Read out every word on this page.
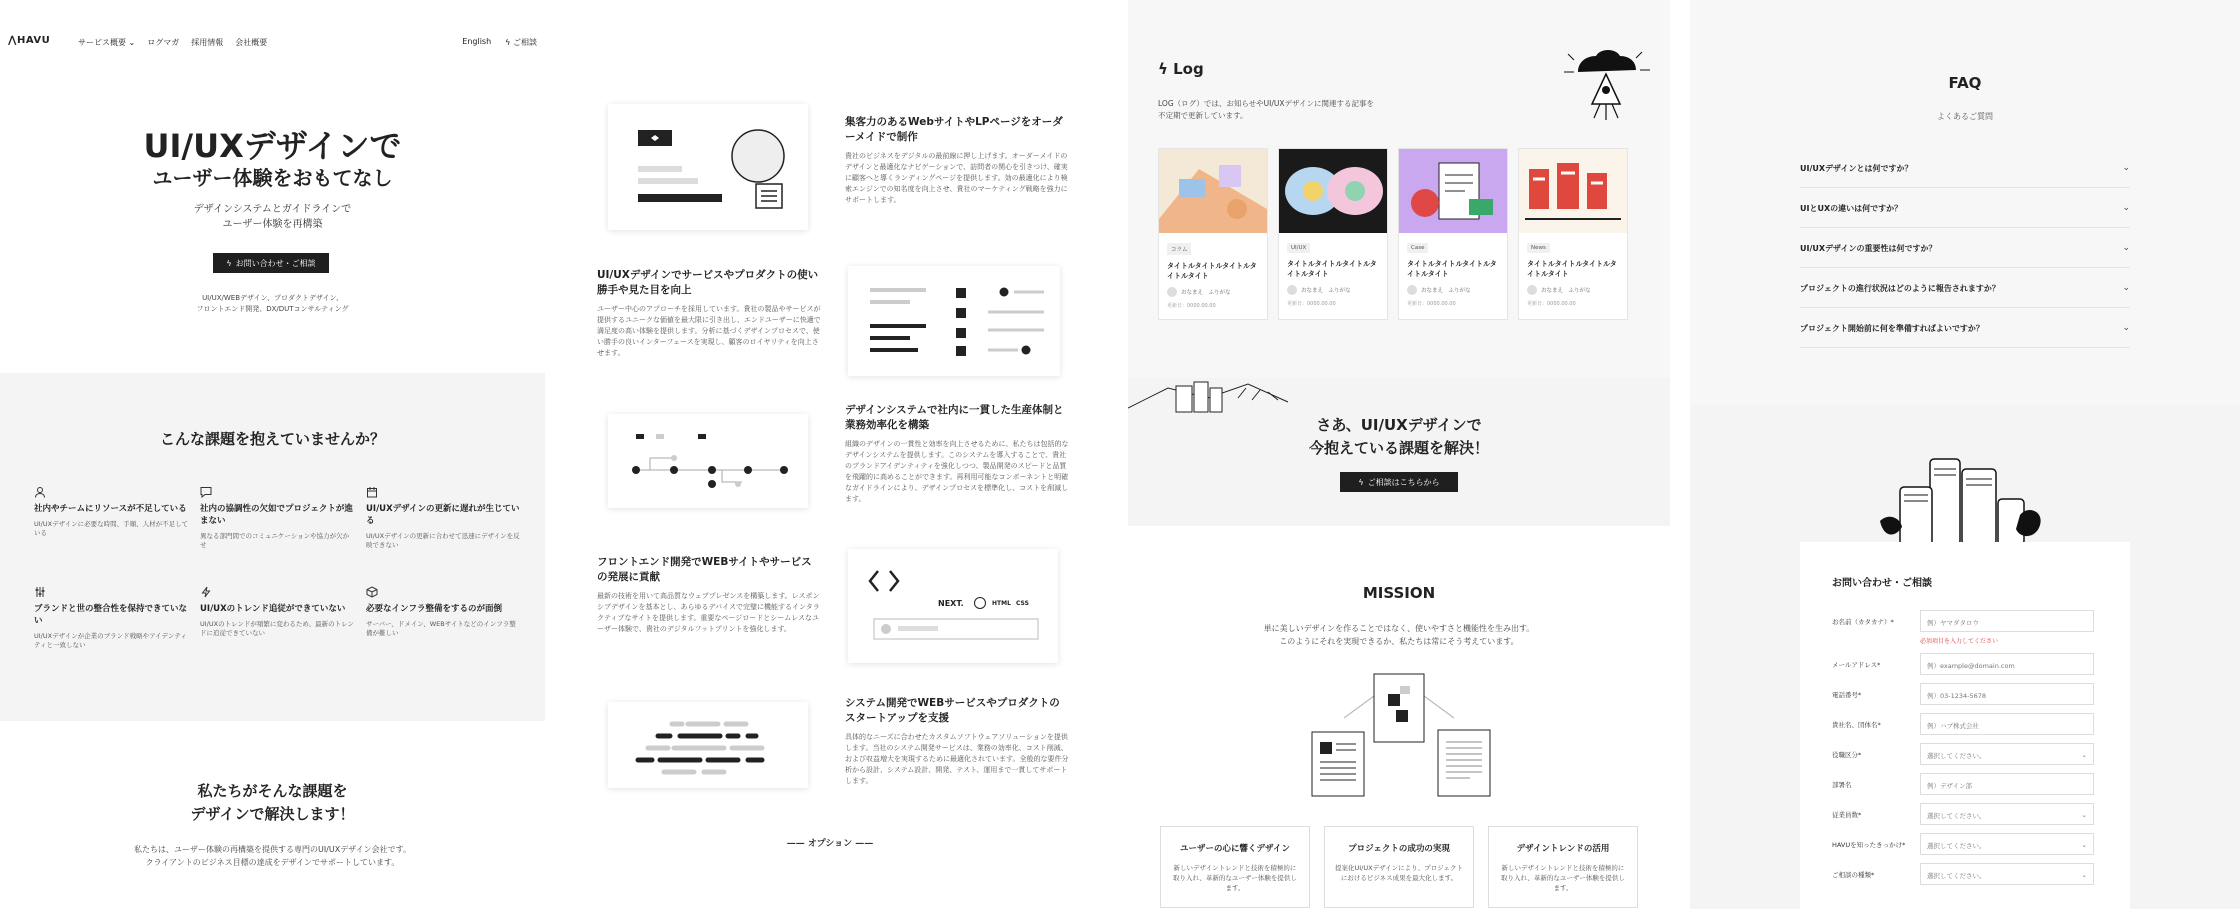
⋀HAVU	サービス概要 ⌄ ログマガ 採用情報 会社概要	English ϟ ご相談
UI/UXデザインで
ユーザー体験をおもてなし
デザインシステムとガイドラインで
ユーザー体験を再構築
ϟ お問い合わせ・ご相談
UI/UX/WEBデザイン、プロダクトデザイン、
フロントエンド開発、DX/DUTコンサルティング
こんな課題を抱えていませんか？
社内やチームにリソースが不足している
UI/UXデザインに必要な時間、手順、人材が不足している
社内の協調性の欠如でプロジェクトが進まない
異なる部門間でのコミュニケーションや協力が欠かせ
UI/UXデザインの更新に遅れが生じている
UI/UXデザインの更新に合わせて迅速にデザインを反映できない
ブランドと世の整合性を保持できていない
UI/UXデザインが企業のブランド戦略やアイデンティティと一致しない
UI/UXのトレンド追従ができていない
UI/UXのトレンドが頻繁に変わるため、最新のトレンドに追従できていない
必要なインフラ整備をするのが面倒
サーバー、ドメイン、WEBサイトなどのインフラ整備が難しい
私たちがそんな課題を
デザインで解決します！
私たちは、ユーザー体験の再構築を提供する専門のUI/UXデザイン会社です。
クライアントのビジネス目標の達成をデザインでサポートしています。
集客力のあるWebサイトやLPページをオーダーメイドで制作
貴社のビジネスをデジタルの最前線に押し上げます。オーダーメイドのデザインと最適化なナビゲーションで、訪問者の関心を引きつけ、確実に顧客へと導くランディングページを提供します。効の最適化により検索エンジンでの知名度を向上させ、貴社のマーケティング戦略を強力にサポートします。
UI/UXデザインでサービスやプロダクトの使い勝手や見た目を向上
ユーザー中心のアプローチを採用しています。貴社の製品やサービスが提供するユニークな価値を最大限に引き出し、エンドユーザーに快適で満足度の高い体験を提供します。分析に基づくデザインプロセスで、使い勝手の良いインターフェースを実現し、顧客のロイヤリティを向上させます。
デザインシステムで社内に一貫した生産体制と業務効率化を構築
組織のデザインの一貫性と効率を向上させるために、私たちは包括的なデザインシステムを提供します。このシステムを導入することで、貴社のブランドアイデンティティを強化しつつ、製品開発のスピードと品質を飛躍的に高めることができます。再利用可能なコンポーネントと明確なガイドラインにより、デザインプロセスを標準化し、コストを削減します。
フロントエンド開発でWEBサイトやサービスの発展に貢献
最新の技術を用いて高品質なウェブプレゼンスを構築します。レスポンシブデザインを基本とし、あらゆるデバイスで完璧に機能するインタラクティブなサイトを提供します。重要なページロードとシームレスなユーザー体験で、貴社のデジタルフットプリントを強化します。
NEXT.	HTML CSS
システム開発でWEBサービスやプロダクトのスタートアップを支援
具体的なニーズに合わせたカスタムソフトウェアソリューションを提供します。当社のシステム開発サービスは、業務の効率化、コスト削減、および収益増大を実現するために最適化されています。全般的な要件分析から設計、システム設計、開発、テスト、運用まで一貫してサポートします。
—— オプション ——
ϟ Log
LOG（ログ）では、お知らせやUI/UXデザインに関連する記事を
不定期で更新しています。
コラム
タイトルタイトルタイトルタイトルタイト
おなまえ　ふりがな
更新日：0000.00.00
UI/UX
タイトルタイトルタイトルタイトルタイト
おなまえ　ふりがな
更新日：0000.00.00
Case
タイトルタイトルタイトルタイトルタイト
おなまえ　ふりがな
更新日：0000.00.00
News
タイトルタイトルタイトルタイトルタイト
おなまえ　ふりがな
更新日：0000.00.00
さあ、UI/UXデザインで
今抱えている課題を解決！
ϟ ご相談はこちらから
MISSION
単に美しいデザインを作ることではなく、使いやすさと機能性を生み出す。
このようにそれを実現できるか、私たちは常にそう考えています。
ユーザーの心に響くデザイン
新しいデザイントレンドと技術を積極的に取り入れ、革新的なユーザー体験を提供します。
プロジェクトの成功の実現
提案化UI/UXデザインにより、プロジェクトにおけるビジネス成果を最大化します。
デザイントレンドの活用
新しいデザイントレンドと技術を積極的に取り入れ、革新的なユーザー体験を提供します。
FAQ
よくあるご質問
UI/UXデザインとは何ですか？	⌄
UIとUXの違いは何ですか？	⌄
UI/UXデザインの重要性は何ですか？	⌄
プロジェクトの進行状況はどのように報告されますか？	⌄
プロジェクト開始前に何を準備すればよいですか？	⌄
お問い合わせ・ご相談
お名前（カタカナ）*	例）ヤマダタロウ
必須項目を入力してください
メールアドレス*	例）example@domain.com
電話番号*	例）03-1234-5678
貴社名、団体名*	例）ハブ株式会社
役職区分*	選択してください。	⌄
部署名	例）デザイン部
従業員数*	選択してください。	⌄
HAVUを知ったきっかけ*	選択してください。	⌄
ご相談の種類*	選択してください。	⌄
